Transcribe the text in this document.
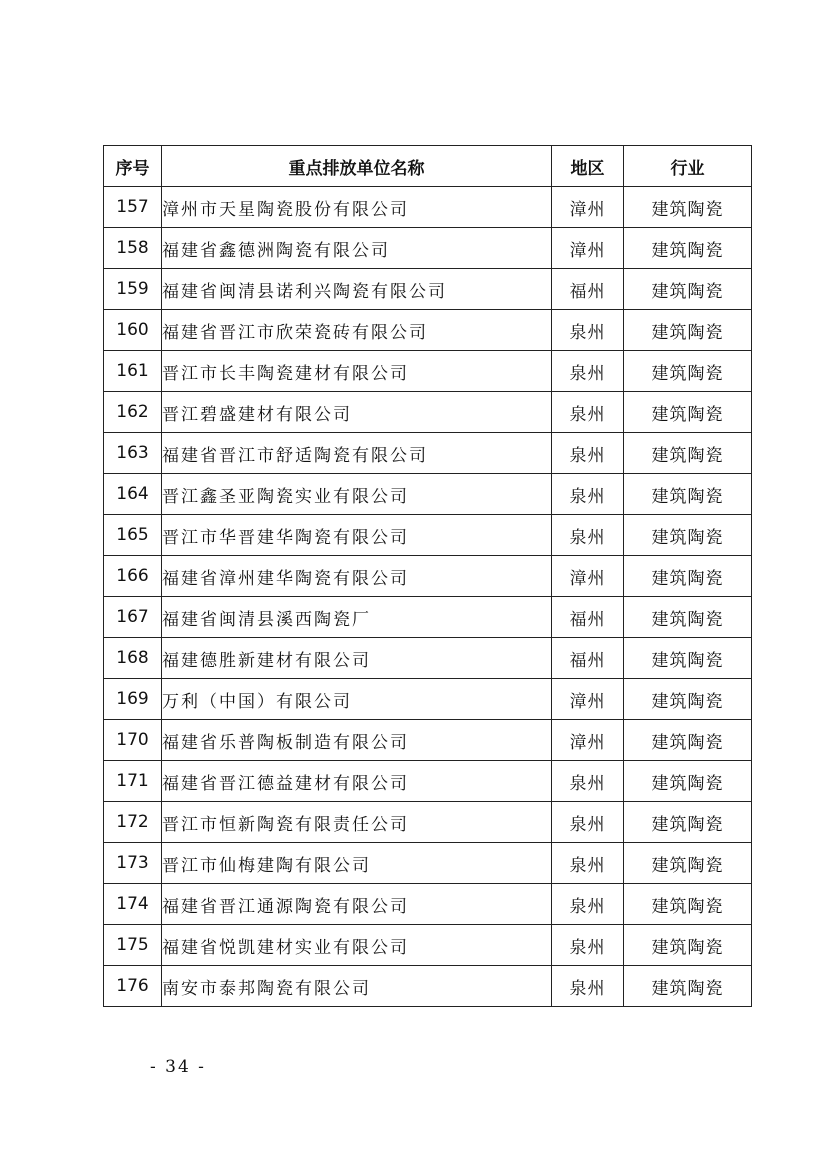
序号	重点排放单位名称	地区	行业
157	漳州市天星陶瓷股份有限公司	漳州	建筑陶瓷
158	福建省鑫德洲陶瓷有限公司	漳州	建筑陶瓷
159	福建省闽清县诺利兴陶瓷有限公司	福州	建筑陶瓷
160	福建省晋江市欣荣瓷砖有限公司	泉州	建筑陶瓷
161	晋江市长丰陶瓷建材有限公司	泉州	建筑陶瓷
162	晋江碧盛建材有限公司	泉州	建筑陶瓷
163	福建省晋江市舒适陶瓷有限公司	泉州	建筑陶瓷
164	晋江鑫圣亚陶瓷实业有限公司	泉州	建筑陶瓷
165	晋江市华晋建华陶瓷有限公司	泉州	建筑陶瓷
166	福建省漳州建华陶瓷有限公司	漳州	建筑陶瓷
167	福建省闽清县溪西陶瓷厂	福州	建筑陶瓷
168	福建德胜新建材有限公司	福州	建筑陶瓷
169	万利（中国）有限公司	漳州	建筑陶瓷
170	福建省乐普陶板制造有限公司	漳州	建筑陶瓷
171	福建省晋江德益建材有限公司	泉州	建筑陶瓷
172	晋江市恒新陶瓷有限责任公司	泉州	建筑陶瓷
173	晋江市仙梅建陶有限公司	泉州	建筑陶瓷
174	福建省晋江通源陶瓷有限公司	泉州	建筑陶瓷
175	福建省悦凯建材实业有限公司	泉州	建筑陶瓷
176	南安市泰邦陶瓷有限公司	泉州	建筑陶瓷
- 34 -
